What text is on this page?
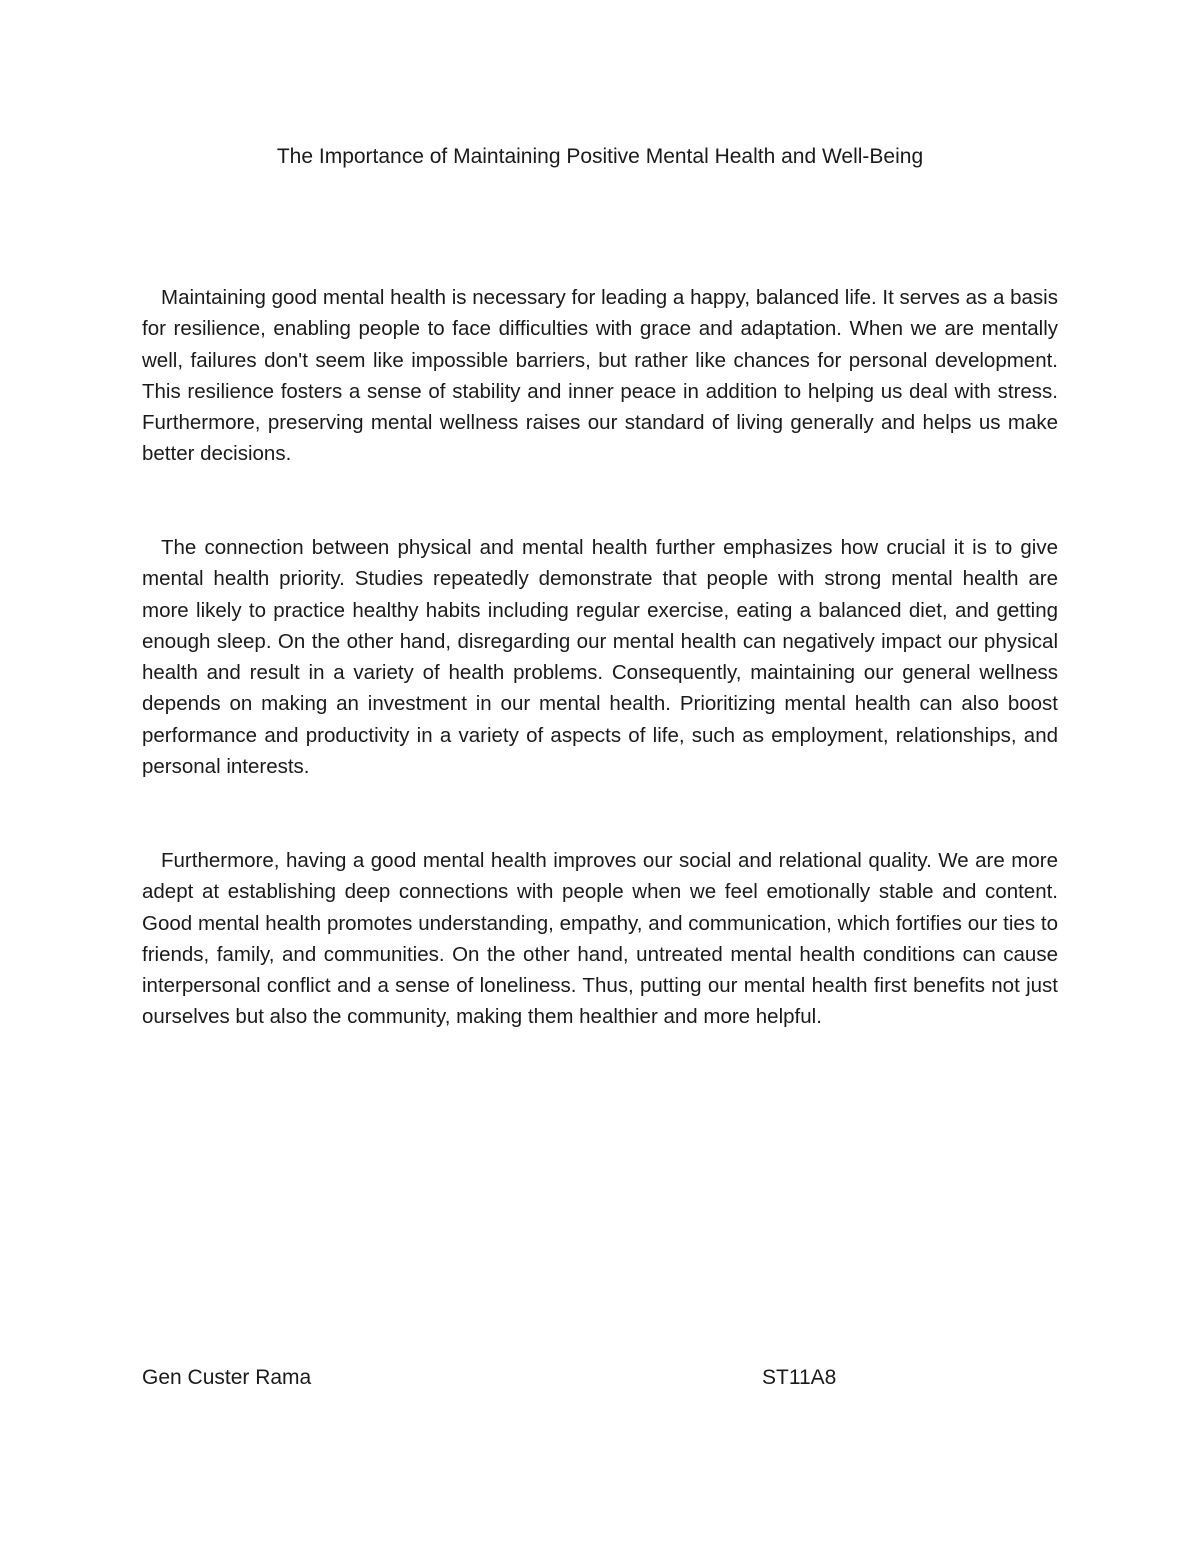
The Importance of Maintaining Positive Mental Health and Well-Being

Maintaining good mental health is necessary for leading a happy, balanced life. It serves as a basis for resilience, enabling people to face difficulties with grace and adaptation. When we are mentally well, failures don't seem like impossible barriers, but rather like chances for personal development. This resilience fosters a sense of stability and inner peace in addition to helping us deal with stress. Furthermore, preserving mental wellness raises our standard of living generally and helps us make better decisions.

The connection between physical and mental health further emphasizes how crucial it is to give mental health priority. Studies repeatedly demonstrate that people with strong mental health are more likely to practice healthy habits including regular exercise, eating a balanced diet, and getting enough sleep. On the other hand, disregarding our mental health can negatively impact our physical health and result in a variety of health problems. Consequently, maintaining our general wellness depends on making an investment in our mental health. Prioritizing mental health can also boost performance and productivity in a variety of aspects of life, such as employment, relationships, and personal interests.

Furthermore, having a good mental health improves our social and relational quality. We are more adept at establishing deep connections with people when we feel emotionally stable and content. Good mental health promotes understanding, empathy, and communication, which fortifies our ties to friends, family, and communities. On the other hand, untreated mental health conditions can cause interpersonal conflict and a sense of loneliness. Thus, putting our mental health first benefits not just ourselves but also the community, making them healthier and more helpful.

Gen Custer Rama	ST11A8
